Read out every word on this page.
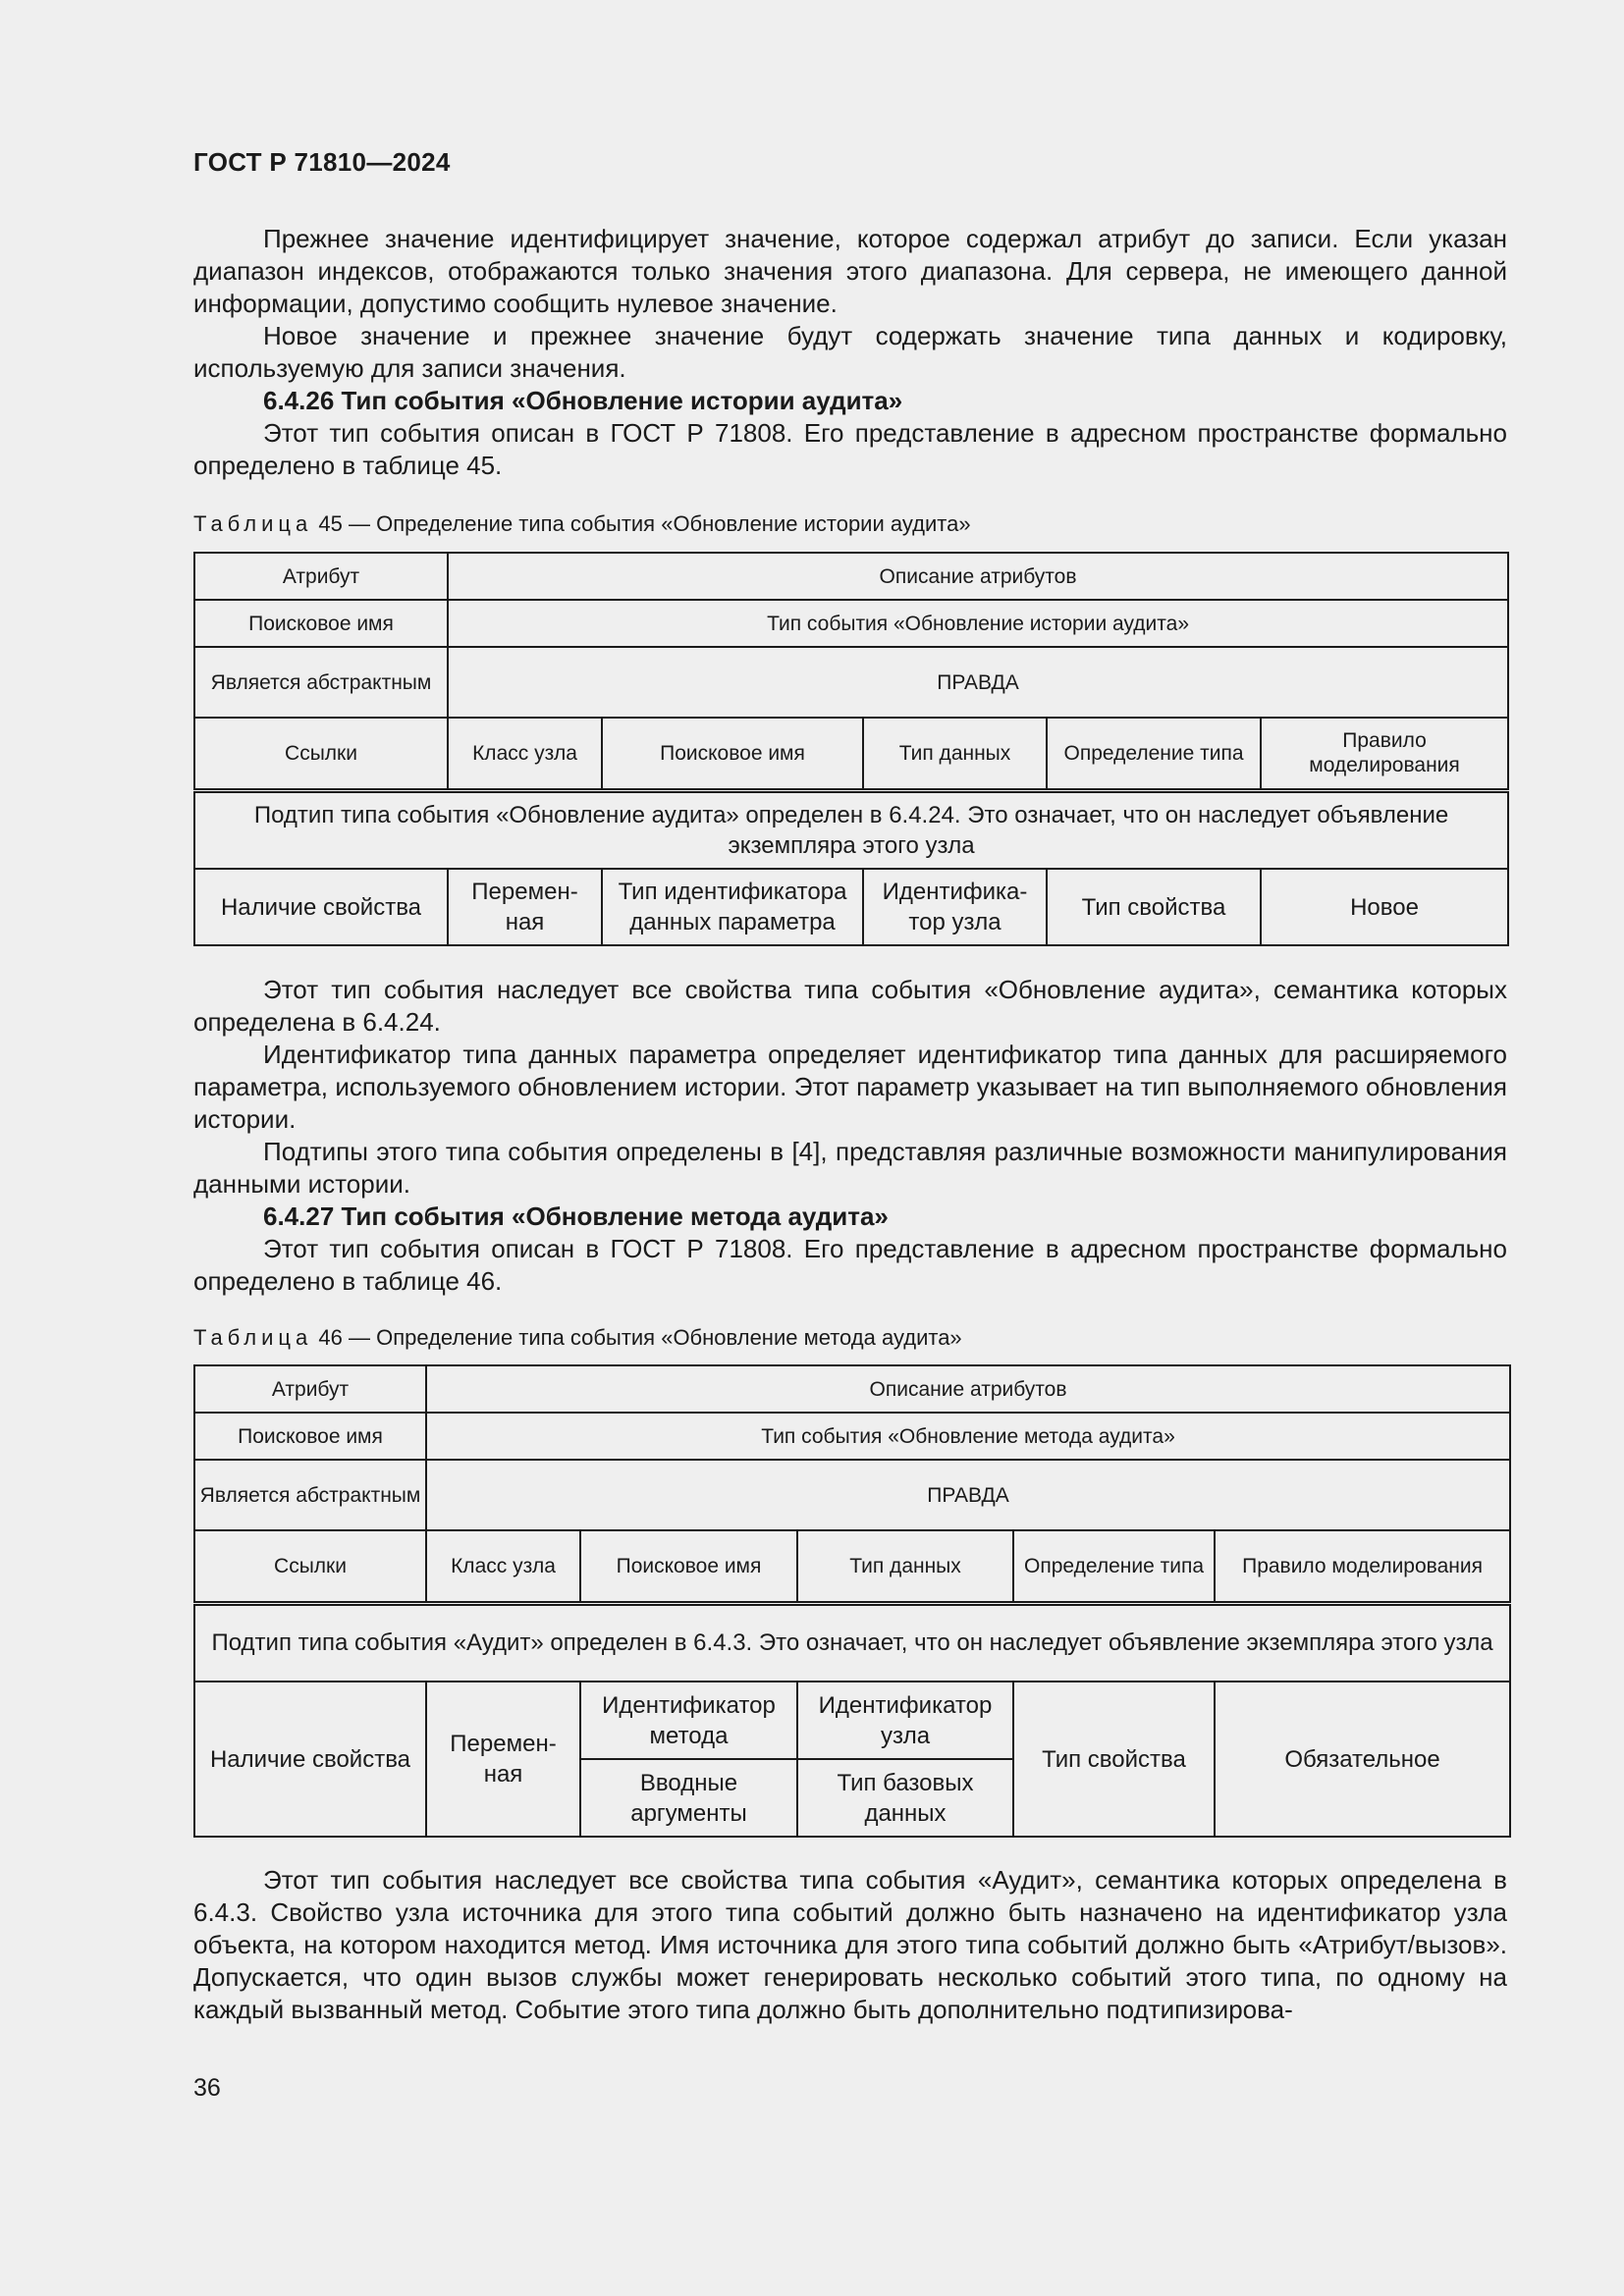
ГОСТ Р 71810—2024

Прежнее значение идентифицирует значение, которое содержал атрибут до записи. Если указан диапазон индексов, отображаются только значения этого диапазона. Для сервера, не имеющего данной информации, допустимо сообщить нулевое значение.

Новое значение и прежнее значение будут содержать значение типа данных и кодировку, используемую для записи значения.

6.4.26 Тип события «Обновление истории аудита»

Этот тип события описан в ГОСТ Р 71808. Его представление в адресном пространстве формально определено в таблице 45.

Таблица 45 — Определение типа события «Обновление истории аудита»

Атрибут	Описание атрибутов				
Поисковое имя	Тип события «Обновление истории аудита»				
Является абстрактным	ПРАВДА				
Ссылки	Класс узла	Поисковое имя	Тип данных	Определение типа	Правило моделирования
Подтип типа события «Обновление аудита» определен в 6.4.24. Это означает, что он наследует объявление экземпляра этого узла					
Наличие свойства	Перемен-ная	Тип идентификатора данных параметра	Идентифика-тор узла	Тип свойства	Новое

Этот тип события наследует все свойства типа события «Обновление аудита», семантика которых определена в 6.4.24.

Идентификатор типа данных параметра определяет идентификатор типа данных для расширяемого параметра, используемого обновлением истории. Этот параметр указывает на тип выполняемого обновления истории.

Подтипы этого типа события определены в [4], представляя различные возможности манипулирования данными истории.

6.4.27 Тип события «Обновление метода аудита»

Этот тип события описан в ГОСТ Р 71808. Его представление в адресном пространстве формально определено в таблице 46.

Таблица 46 — Определение типа события «Обновление метода аудита»

Атрибут	Описание атрибутов				
Поисковое имя	Тип события «Обновление метода аудита»				
Является абстрактным	ПРАВДА				
Ссылки	Класс узла	Поисковое имя	Тип данных	Определение типа	Правило моделирования
Подтип типа события «Аудит» определен в 6.4.3. Это означает, что он наследует объявление экземпляра этого узла					
Наличие свойства	Перемен-ная	Идентификатор метода	Идентификатор узла	Тип свойства	Обязательное
		Вводные аргументы	Тип базовых данных		

Этот тип события наследует все свойства типа события «Аудит», семантика которых определена в 6.4.3. Свойство узла источника для этого типа событий должно быть назначено на идентификатор узла объекта, на котором находится метод. Имя источника для этого типа событий должно быть «Атрибут/вызов». Допускается, что один вызов службы может генерировать несколько событий этого типа, по одному на каждый вызванный метод. Событие этого типа должно быть дополнительно подтипизирова-

36
